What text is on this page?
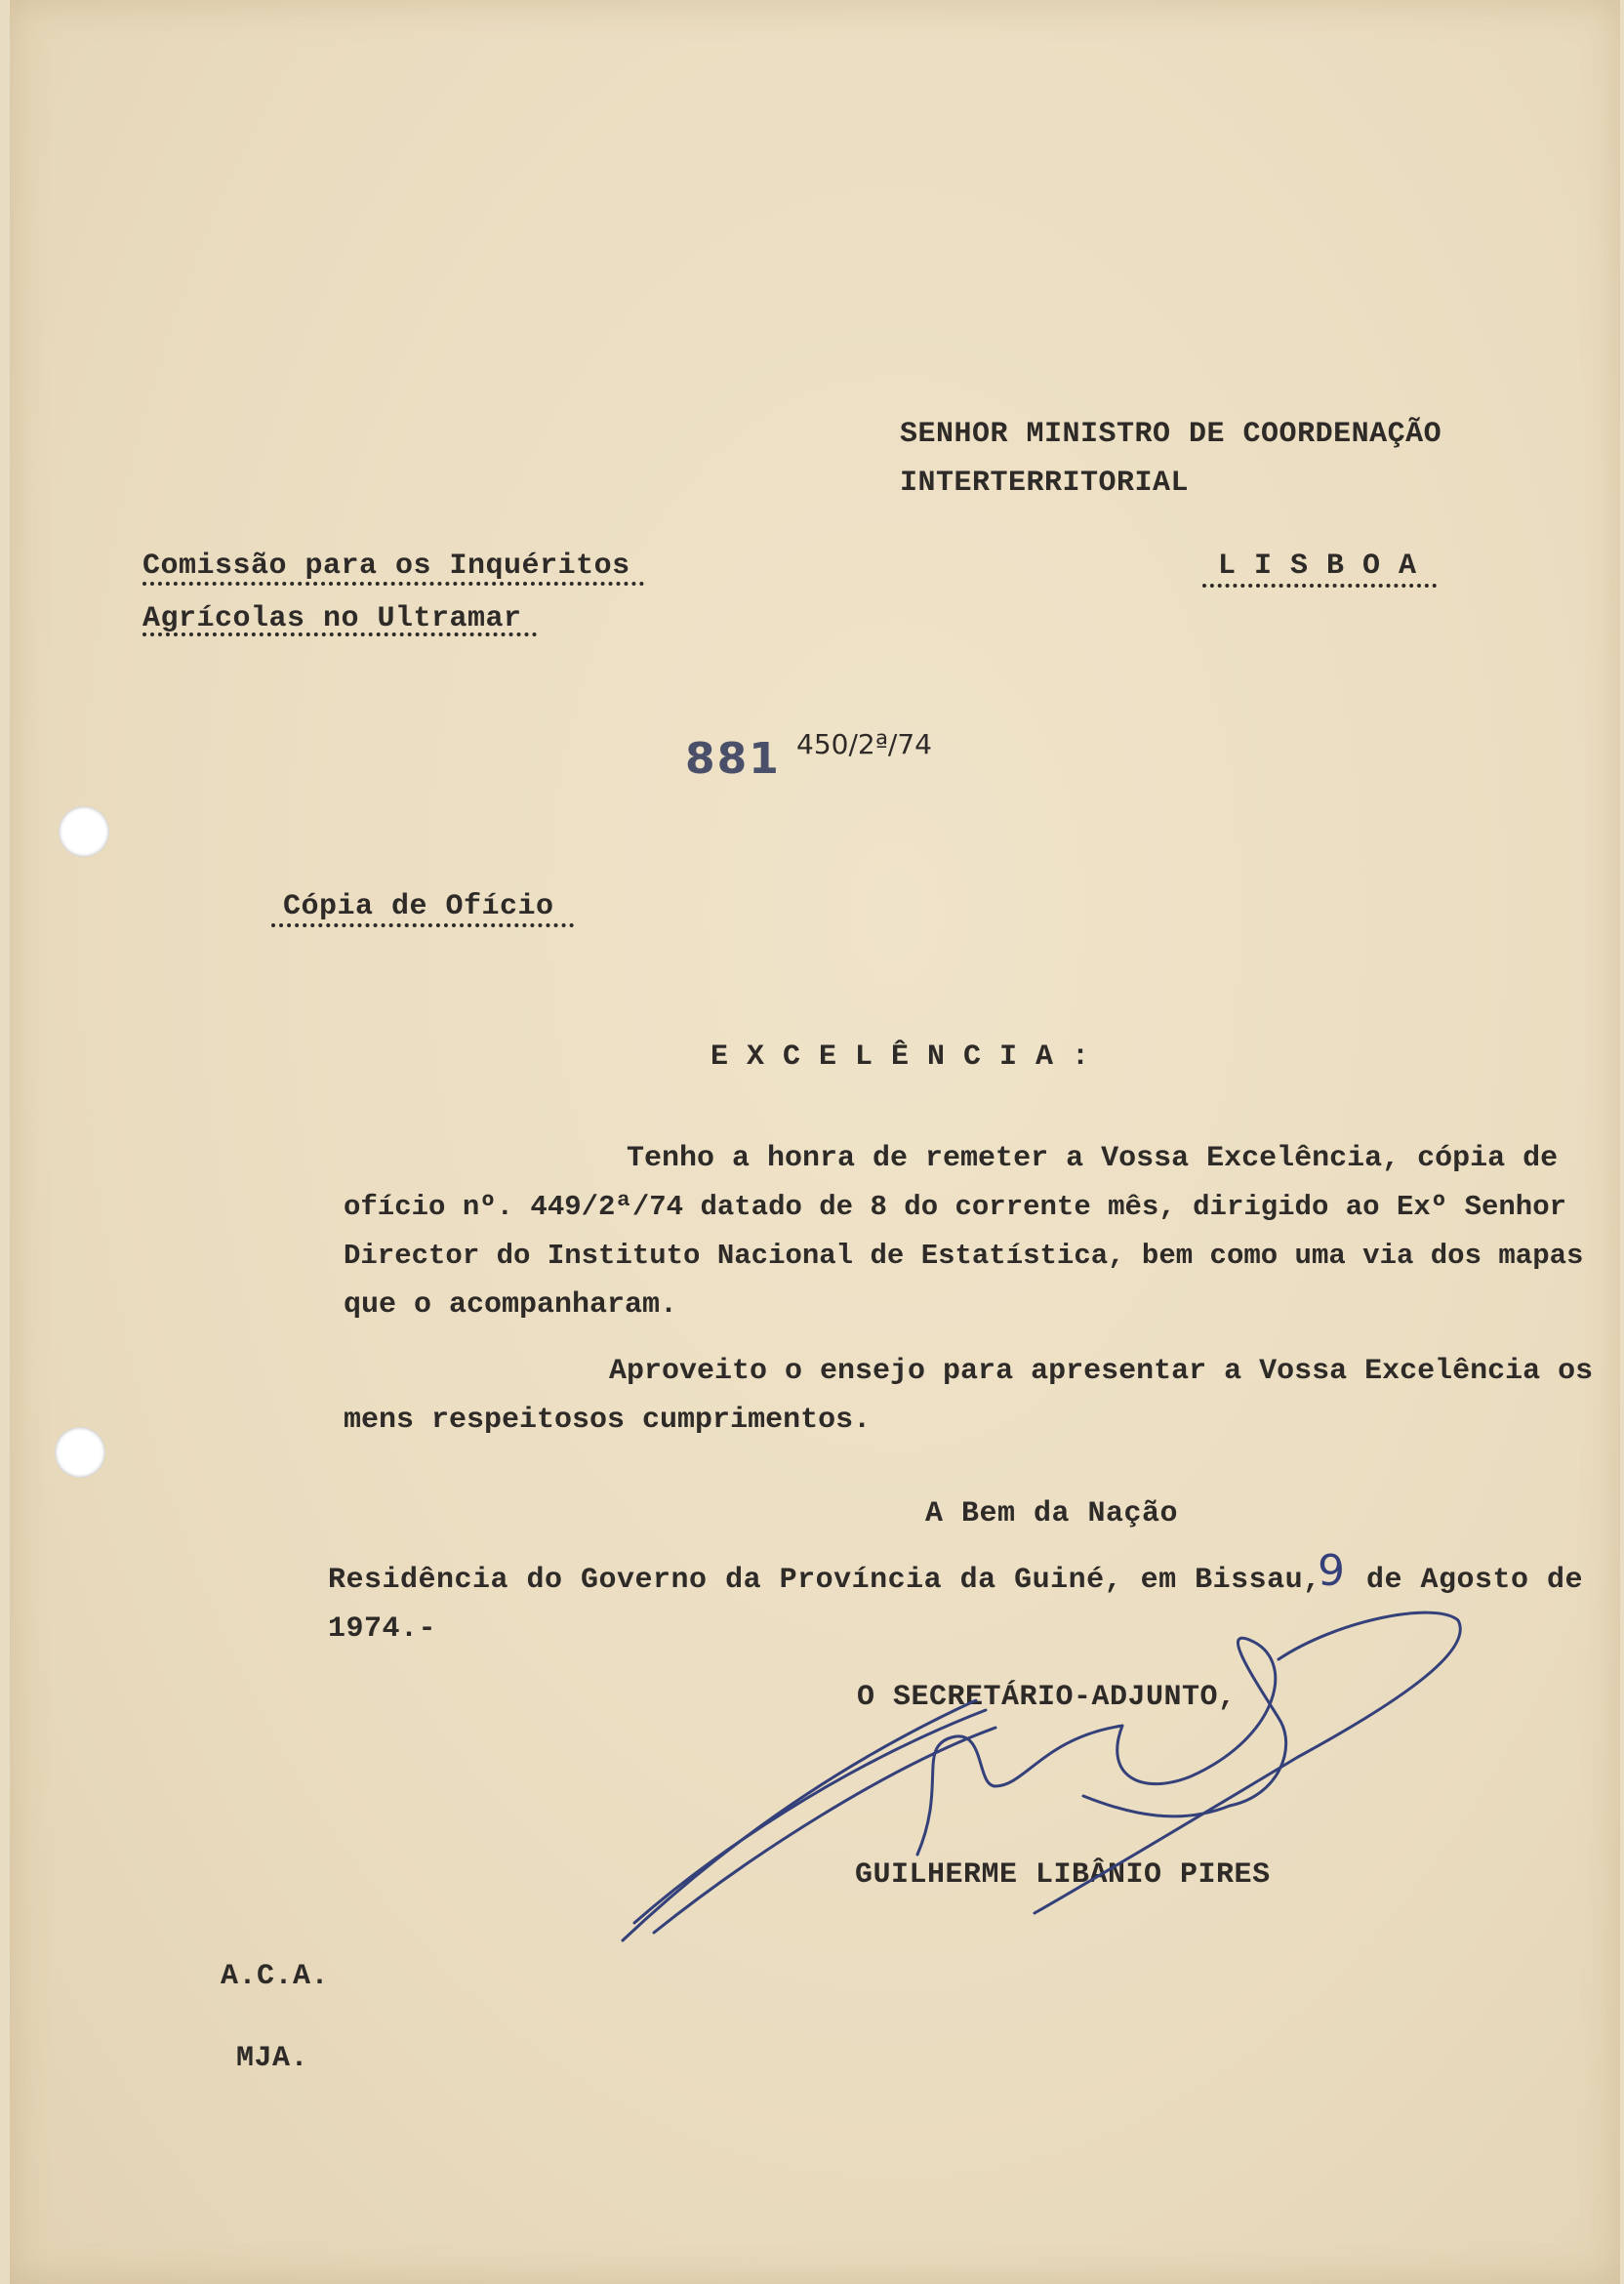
SENHOR MINISTRO DE COORDENAÇÃO
INTERTERRITORIAL
Comissão para os Inquéritos
Agrícolas no Ultramar
L I S B O A
881 450/2ª/74
Cópia de Ofício
E X C E L Ê N C I A :
Tenho a honra de remeter a Vossa Excelência, cópia de
ofício nº. 449/2ª/74 datado de 8 do corrente mês, dirigido ao Exº Senhor
Director do Instituto Nacional de Estatística, bem como uma via dos mapas
que o acompanharam.
Aproveito o ensejo para apresentar a Vossa Excelência os
mens respeitosos cumprimentos.
A Bem da Nação
Residência do Governo da Província da Guiné, em Bissau,
9 de Agosto de
1974.-
O SECRETÁRIO-ADJUNTO,
GUILHERME LIBÂNIO PIRES
A.C.A.
MJA.
